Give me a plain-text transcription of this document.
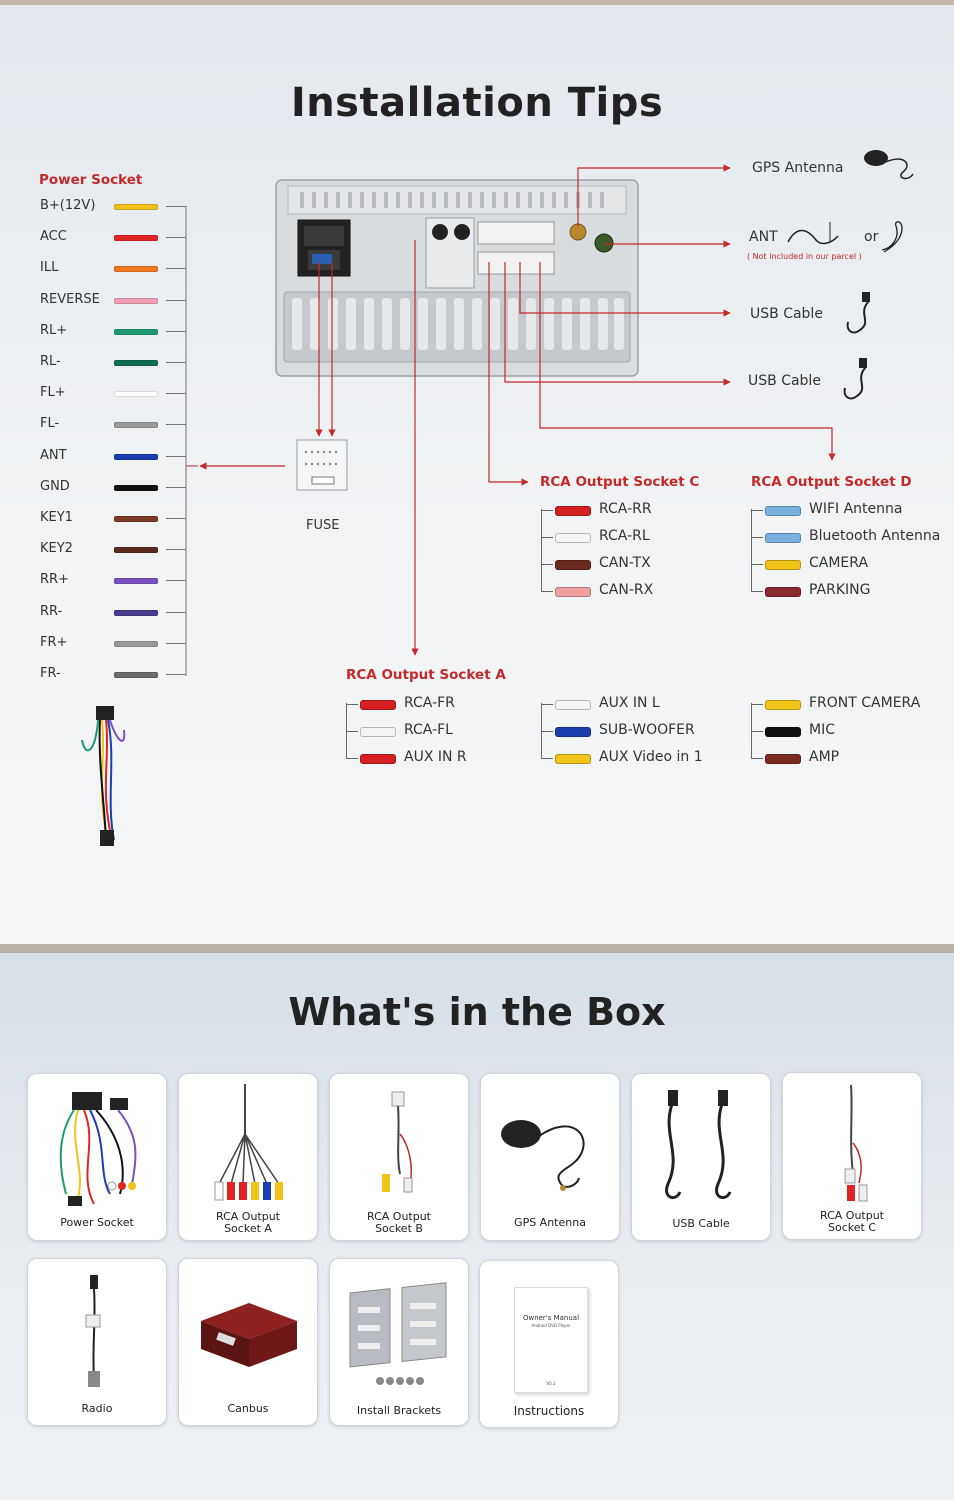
Installation Tips
Power Socket
B+(12V)
ACC
ILL
REVERSE
RL+
RL-
FL+
FL-
ANT
GND
KEY1
KEY2
RR+
RR-
FR+
FR-
FUSE
GPS Antenna
ANT
( Not included in our parcel )
or
USB Cable
USB Cable
RCA Output Socket C
RCA-RR
RCA-RL
CAN-TX
CAN-RX
RCA Output Socket D
WIFI Antenna
Bluetooth Antenna
CAMERA
PARKING
RCA Output Socket A
RCA-FR
RCA-FL
AUX IN R
AUX IN L
SUB-WOOFER
AUX Video in 1
FRONT CAMERA
MIC
AMP
What's in the Box
Power Socket	RCA Output
Socket A
RCA Output
Socket B	GPS Antenna	USB Cable
RCA Output
Socket C
Radio	Canbus	Install Brackets
Owner's Manual
Android DVD Player
V0.1
Instructions
